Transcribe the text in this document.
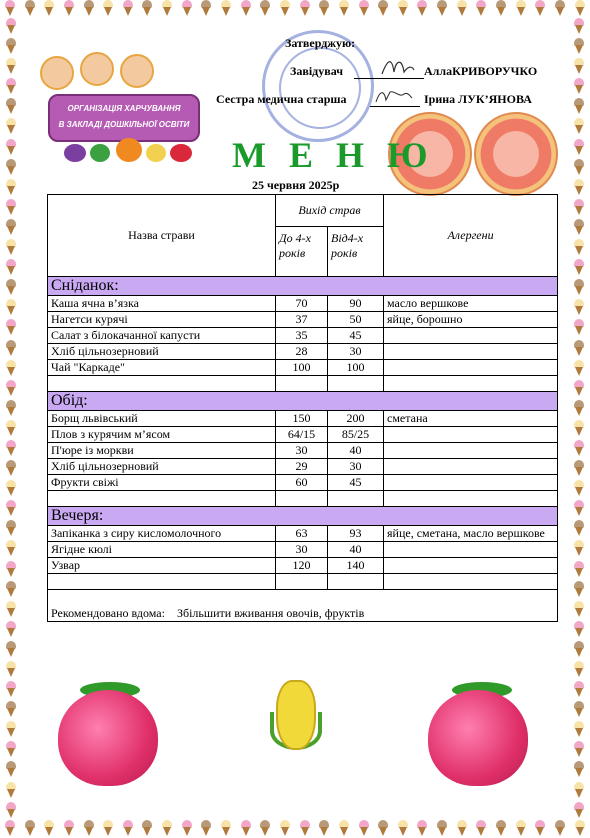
ОРГАНІЗАЦІЯ ХАРЧУВАННЯ
В ЗАКЛАДІ ДОШКІЛЬНОЇ ОСВІТИ
Затверджую:
Завідувач	АллаКРИВОРУЧКО
Сестра медична старша	Ірина ЛУК’ЯНОВА
М Е Н Ю
25 червня 2025р
Назва страви	Вихід страв		Алергени
	До 4-х років	Від4-х років	
Сніданок:			
Каша ячна в’язка	70	90	масло вершкове
Нагетси курячі	37	50	яйце, борошно
Салат з білокачанної капусти	35	45	
Хліб цільнозерновий	28	30	
Чай "Каркаде"	100	100	

Обід:			
Борщ львівський	150	200	сметана
Плов з курячим м’ясом	64/15	85/25	
П'юре із моркви	30	40	
Хліб цільнозерновий	29	30	
Фрукти свіжі	60	45	

Вечеря:			
Запіканка з сиру кисломолочного	63	93	яйце, сметана, масло вершкове
Ягідне кюлі	30	40	
Узвар	120	140	

Рекомендовано вдома: Збільшити вживання овочів, фруктів			
